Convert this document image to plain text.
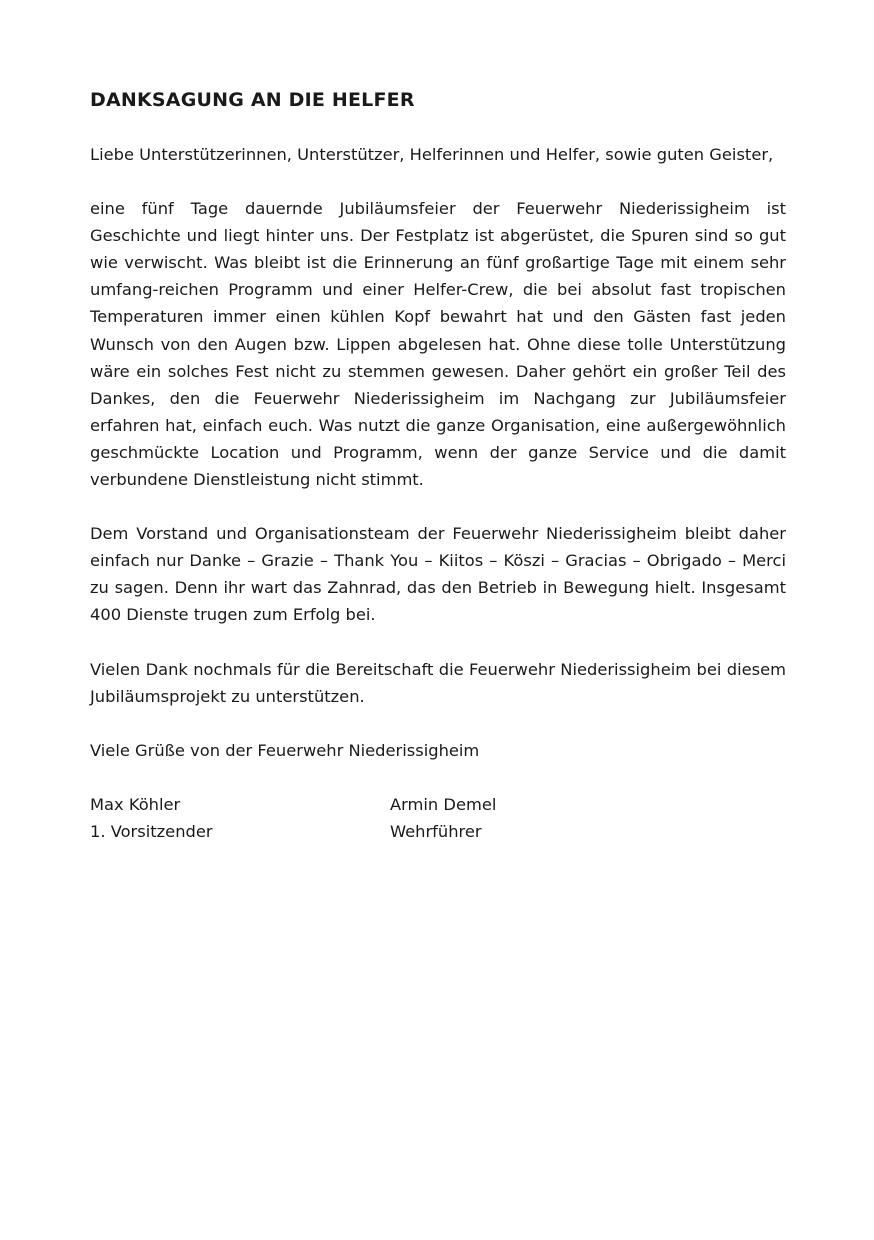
DANKSAGUNG AN DIE HELFER

Liebe Unterstützerinnen, Unterstützer, Helferinnen und Helfer, sowie guten Geister,

eine fünf Tage dauernde Jubiläumsfeier der Feuerwehr Niederissigheim ist Geschichte und liegt hinter uns. Der Festplatz ist abgerüstet, die Spuren sind so gut wie verwischt. Was bleibt ist die Erinnerung an fünf großartige Tage mit einem sehr umfang-reichen Programm und einer Helfer-Crew, die bei absolut fast tropischen Temperaturen immer einen kühlen Kopf bewahrt hat und den Gästen fast jeden Wunsch von den Augen bzw. Lippen abgelesen hat. Ohne diese tolle Unterstützung wäre ein solches Fest nicht zu stemmen gewesen. Daher gehört ein großer Teil des Dankes, den die Feuerwehr Niederissigheim im Nachgang zur Jubiläumsfeier erfahren hat, einfach euch. Was nutzt die ganze Organisation, eine außergewöhnlich geschmückte Location und Programm, wenn der ganze Service und die damit verbundene Dienstleistung nicht stimmt.

Dem Vorstand und Organisationsteam der Feuerwehr Niederissigheim bleibt daher einfach nur Danke – Grazie – Thank You – Kiitos – Köszi – Gracias – Obrigado – Merci zu sagen. Denn ihr wart das Zahnrad, das den Betrieb in Bewegung hielt. Insgesamt 400 Dienste trugen zum Erfolg bei.

Vielen Dank nochmals für die Bereitschaft die Feuerwehr Niederissigheim bei diesem Jubiläumsprojekt zu unterstützen.

Viele Grüße von der Feuerwehr Niederissigheim

Max Köhler	Armin Demel
1. Vorsitzender	Wehrführer
